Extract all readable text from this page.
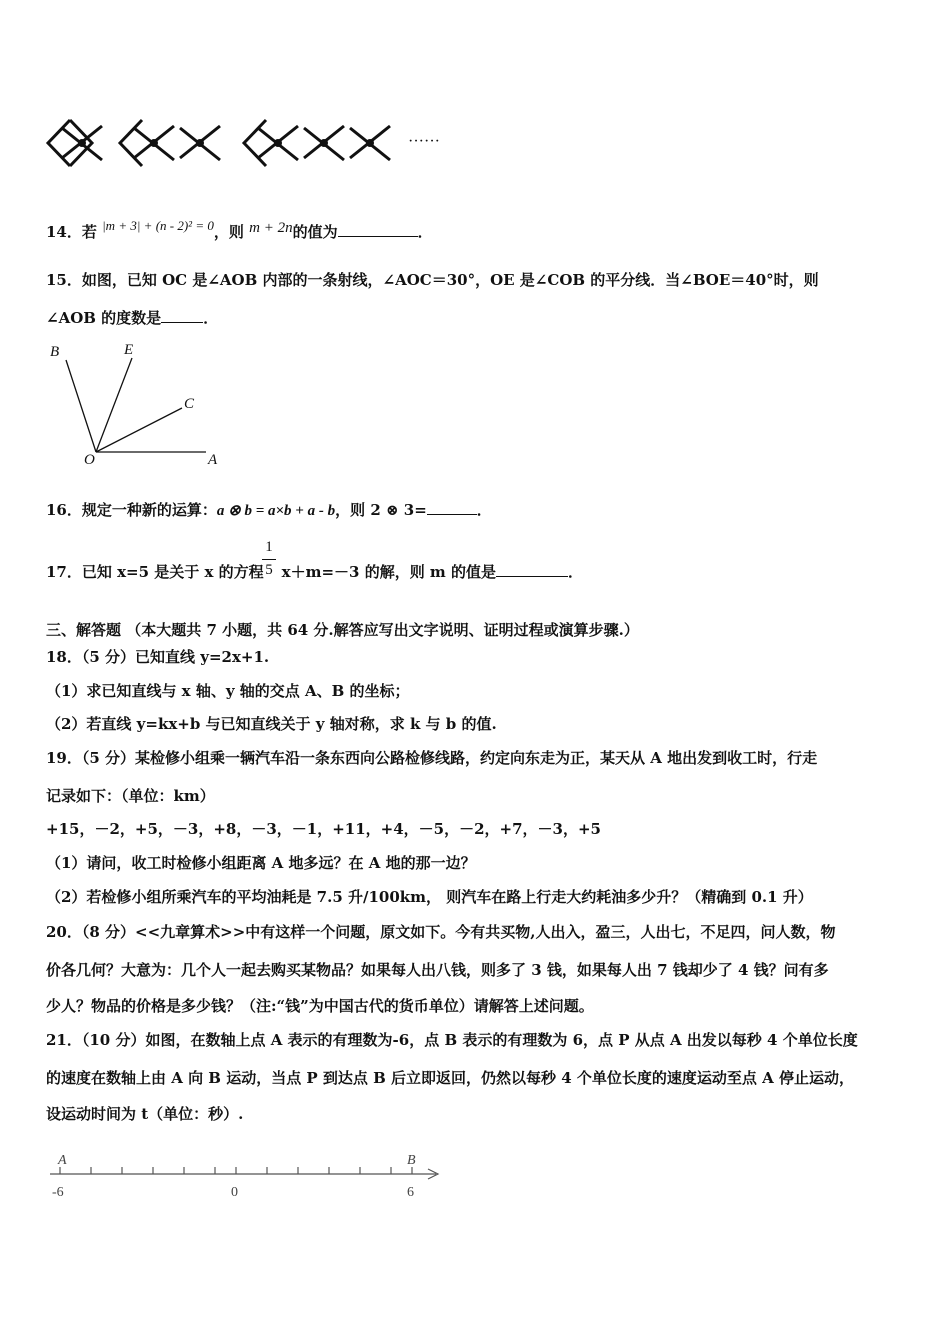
······
14．若 |m + 3| + (n - 2)² = 0，则 m + 2n的值为	．
15．如图，已知 OC 是∠AOB 内部的一条射线，∠AOC＝30°，OE 是∠COB 的平分线．当∠BOE＝40°时，则
∠AOB 的度数是	．
B	E
C
O	A
16．规定一种新的运算：a ⊗ b = a×b + a - b，则 2 ⊗ 3=	．
1
5
17．已知 x=5 是关于 x 的方程 x＋m=－3 的解，则 m 的值是	．
三、解答题 （本大题共 7 小题，共 64 分.解答应写出文字说明、证明过程或演算步骤.）
18．（5 分）已知直线 y=2x+1.
（1）求已知直线与 x 轴、y 轴的交点 A、B 的坐标；
（2）若直线 y=kx+b 与已知直线关于 y 轴对称，求 k 与 b 的值.
19．（5 分）某检修小组乘一辆汽车沿一条东西向公路检修线路，约定向东走为正，某天从 A 地出发到收工时，行走
记录如下：（单位：km）
+15，－2，+5，－3，+8，－3，－1，+11，+4，－5，－2，+7，－3，+5
（1）请问，收工时检修小组距离 A 地多远？在 A 地的那一边？
（2）若检修小组所乘汽车的平均油耗是 7.5 升/100km， 则汽车在路上行走大约耗油多少升？（精确到 0.1 升）
20．（8 分）<<九章算术>>中有这样一个问题，原文如下。今有共买物,人出入，盈三，人出七，不足四，问人数，物
价各几何？大意为：几个人一起去购买某物品？如果每人出八钱，则多了 3 钱，如果每人出 7 钱却少了 4 钱？问有多
少人？物品的价格是多少钱？（注:“钱”为中国古代的货币单位）请解答上述问题。
21．（10 分）如图，在数轴上点 A 表示的有理数为-6，点 B 表示的有理数为 6，点 P 从点 A 出发以每秒 4 个单位长度
的速度在数轴上由 A 向 B 运动，当点 P 到达点 B 后立即返回，仍然以每秒 4 个单位长度的速度运动至点 A 停止运动，
设运动时间为 t（单位：秒）.
A	B
-6	0	6
